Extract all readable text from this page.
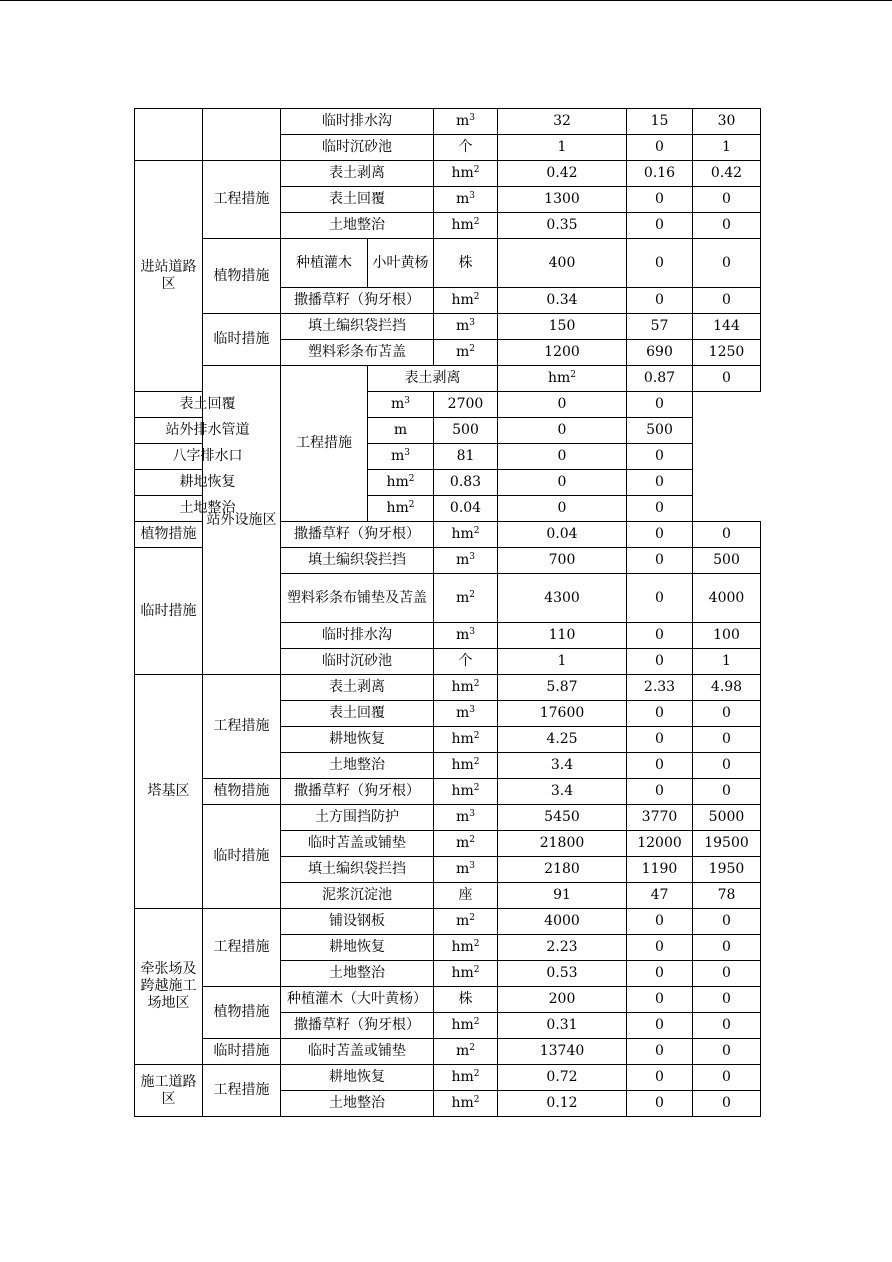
		临时排水沟		$m^3$	32	15	30	
		临时沉砂池		个	1	0	1	
进站道路区	工程措施	表土剥离		$hm^2$	0.42	0.16	0.42	
		表土回覆		$m^3$	1300	0	0	
		土地整治		$hm^2$	0.35	0	0	
	植物措施	种植灌木	小叶黄杨	株	400	0	0	
		撒播草籽（狗牙根）		$hm^2$	0.34	0	0	
	临时措施	填土编织袋拦挡		$m^3$	150	57	144	
		塑料彩条布苫盖		$m^2$	1200	690	1250	
	站外设施区	工程措施	表土剥离		$hm^2$	0.87	0	
表土回覆			$m^3$	2700	0	0		
站外排水管道			m	500	0	500		
八字排水口			$m^3$	81	0	0		
耕地恢复			$hm^2$	0.83	0	0		
土地整治			$hm^2$	0.04	0	0		
植物措施		撒播草籽（狗牙根）		$hm^2$	0.04	0	0	
临时措施		填土编织袋拦挡		$m^3$	700	0	500	
		塑料彩条布铺垫及苫盖		$m^2$	4300	0	4000	
		临时排水沟		$m^3$	110	0	100	
		临时沉砂池		个	1	0	1	
塔基区	工程措施	表土剥离		$hm^2$	5.87	2.33	4.98	
		表土回覆		$m^3$	17600	0	0	
		耕地恢复		$hm^2$	4.25	0	0	
		土地整治		$hm^2$	3.4	0	0	
	植物措施	撒播草籽（狗牙根）		$hm^2$	3.4	0	0	
	临时措施	土方围挡防护		$m^3$	5450	3770	5000	
		临时苫盖或铺垫		$m^2$	21800	12000	19500	
		填土编织袋拦挡		$m^3$	2180	1190	1950	
		泥浆沉淀池		座	91	47	78	
牵张场及跨越施工场地区	工程措施	铺设钢板		$m^2$	4000	0	0	
		耕地恢复		$hm^2$	2.23	0	0	
		土地整治		$hm^2$	0.53	0	0	
	植物措施	种植灌木（大叶黄杨）		株	200	0	0	
		撒播草籽（狗牙根）		$hm^2$	0.31	0	0	
	临时措施	临时苫盖或铺垫		$m^2$	13740	0	0	
施工道路区	工程措施	耕地恢复		$hm^2$	0.72	0	0	
		土地整治		$hm^2$	0.12	0	0	
